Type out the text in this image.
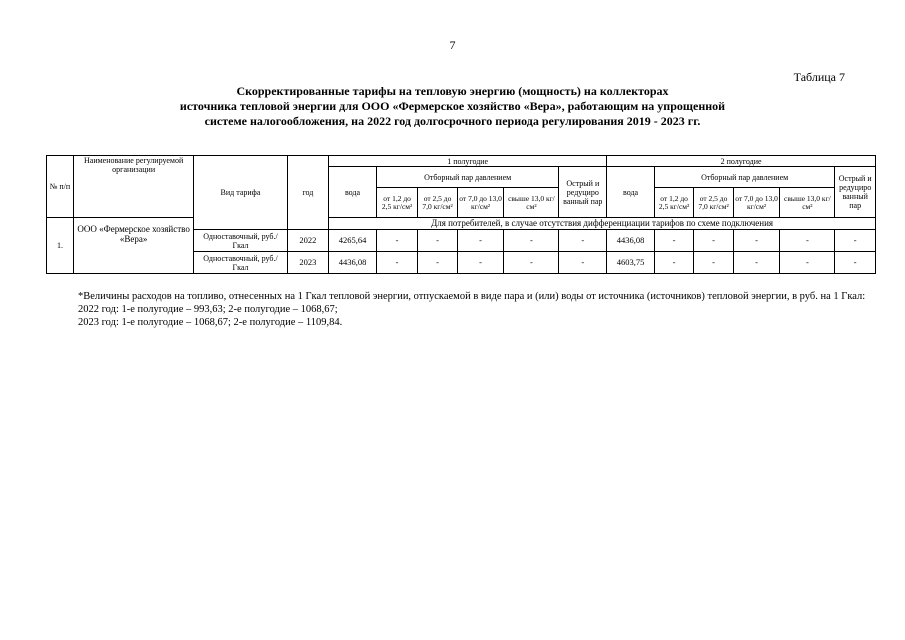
7
Таблица 7
Скорректированные тарифы на тепловую энергию (мощность) на коллекторах
источника тепловой энергии для ООО «Фермерское хозяйство «Вера», работающим на упрощенной
системе налогообложения, на 2022 год долгосрочного периода регулирования 2019 - 2023 гг.
№ п/п	Наименование регулируемой организации	Вид тарифа	год	1 полугодие						2 полугодие					
				вода	Отборный пар давлением				Острый и редуциро ванный пар	вода	Отборный пар давлением				Острый и редуциро ванный пар
					от 1,2 до 2,5 кг/см²	от 2,5 до 7,0 кг/см²	от 7,0 до 13,0 кг/см²	свыше 13,0 кг/см²			от 1,2 до 2,5 кг/см²	от 2,5 до 7,0 кг/см²	от 7,0 до 13,0 кг/см²	свыше 13,0 кг/см²	
1.	ООО «Фермерское хозяйство «Вера»			Для потребителей, в случае отсутствия дифференциации тарифов по схеме подключения											
		Одноставочный, руб./Гкал	2022	4265,64	-	-	-	-	-	4436,08	-	-	-	-	-
		Одноставочный, руб./Гкал	2023	4436,08	-	-	-	-	-	4603,75	-	-	-	-	-

*Величины расходов на топливо, отнесенных на 1 Гкал тепловой энергии, отпускаемой в виде пара и (или) воды от источника (источников) тепловой энергии, в руб. на 1 Гкал:

2022 год: 1-е полугодие – 993,63; 2-е полугодие – 1068,67;

2023 год: 1-е полугодие – 1068,67; 2-е полугодие – 1109,84.
